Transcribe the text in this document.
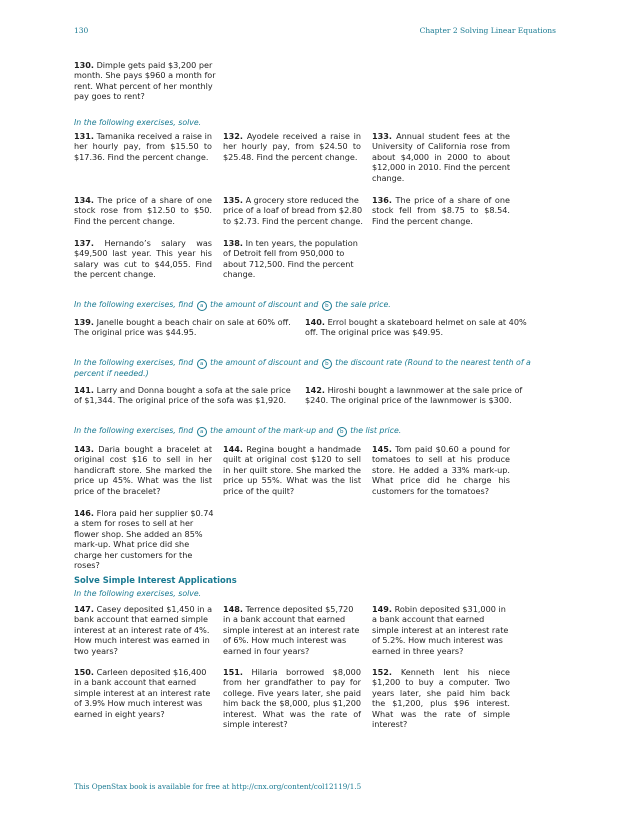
130	Chapter 2 Solving Linear Equations
130. Dimple gets paid $3,200 per month. She pays $960 a month for rent. What percent of her monthly pay goes to rent?
In the following exercises, solve.
131. Tamanika received a raise in her hourly pay, from $15.50 to $17.36. Find the percent change.
132. Ayodele received a raise in her hourly pay, from $24.50 to $25.48. Find the percent change.
133. Annual student fees at the University of California rose from about $4,000 in 2000 to about $12,000 in 2010. Find the percent change.
134. The price of a share of one stock rose from $12.50 to $50. Find the percent change.
135. A grocery store reduced the price of a loaf of bread from $2.80 to $2.73. Find the percent change.
136. The price of a share of one stock fell from $8.75 to $8.54. Find the percent change.
137. Hernando’s salary was $49,500 last year. This year his salary was cut to $44,055. Find the percent change.
138. In ten years, the population of Detroit fell from 950,000 to about 712,500. Find the percent change.
In the following exercises, find a the amount of discount and b the sale price.
139. Janelle bought a beach chair on sale at 60% off. The original price was $44.95.
140. Errol bought a skateboard helmet on sale at 40% off. The original price was $49.95.
In the following exercises, find a the amount of discount and b the discount rate (Round to the nearest tenth of a percent if needed.)
141. Larry and Donna bought a sofa at the sale price of $1,344. The original price of the sofa was $1,920.
142. Hiroshi bought a lawnmower at the sale price of $240. The original price of the lawnmower is $300.
In the following exercises, find a the amount of the mark-up and b the list price.
143. Daria bought a bracelet at original cost $16 to sell in her handicraft store. She marked the price up 45%. What was the list price of the bracelet?
144. Regina bought a handmade quilt at original cost $120 to sell in her quilt store. She marked the price up 55%. What was the list price of the quilt?
145. Tom paid $0.60 a pound for tomatoes to sell at his produce store. He added a 33% mark-up. What price did he charge his customers for the tomatoes?
146. Flora paid her supplier $0.74 a stem for roses to sell at her flower shop. She added an 85% mark-up. What price did she charge her customers for the roses?
Solve Simple Interest Applications
In the following exercises, solve.
147. Casey deposited $1,450 in a bank account that earned simple interest at an interest rate of 4%. How much interest was earned in two years?
148. Terrence deposited $5,720 in a bank account that earned simple interest at an interest rate of 6%. How much interest was earned in four years?
149. Robin deposited $31,000 in a bank account that earned simple interest at an interest rate of 5.2%. How much interest was earned in three years?
150. Carleen deposited $16,400 in a bank account that earned simple interest at an interest rate of 3.9% How much interest was earned in eight years?
151. Hilaria borrowed $8,000 from her grandfather to pay for college. Five years later, she paid him back the $8,000, plus $1,200 interest. What was the rate of simple interest?
152. Kenneth lent his niece $1,200 to buy a computer. Two years later, she paid him back the $1,200, plus $96 interest. What was the rate of simple interest?
This OpenStax book is available for free at http://cnx.org/content/col12119/1.5
